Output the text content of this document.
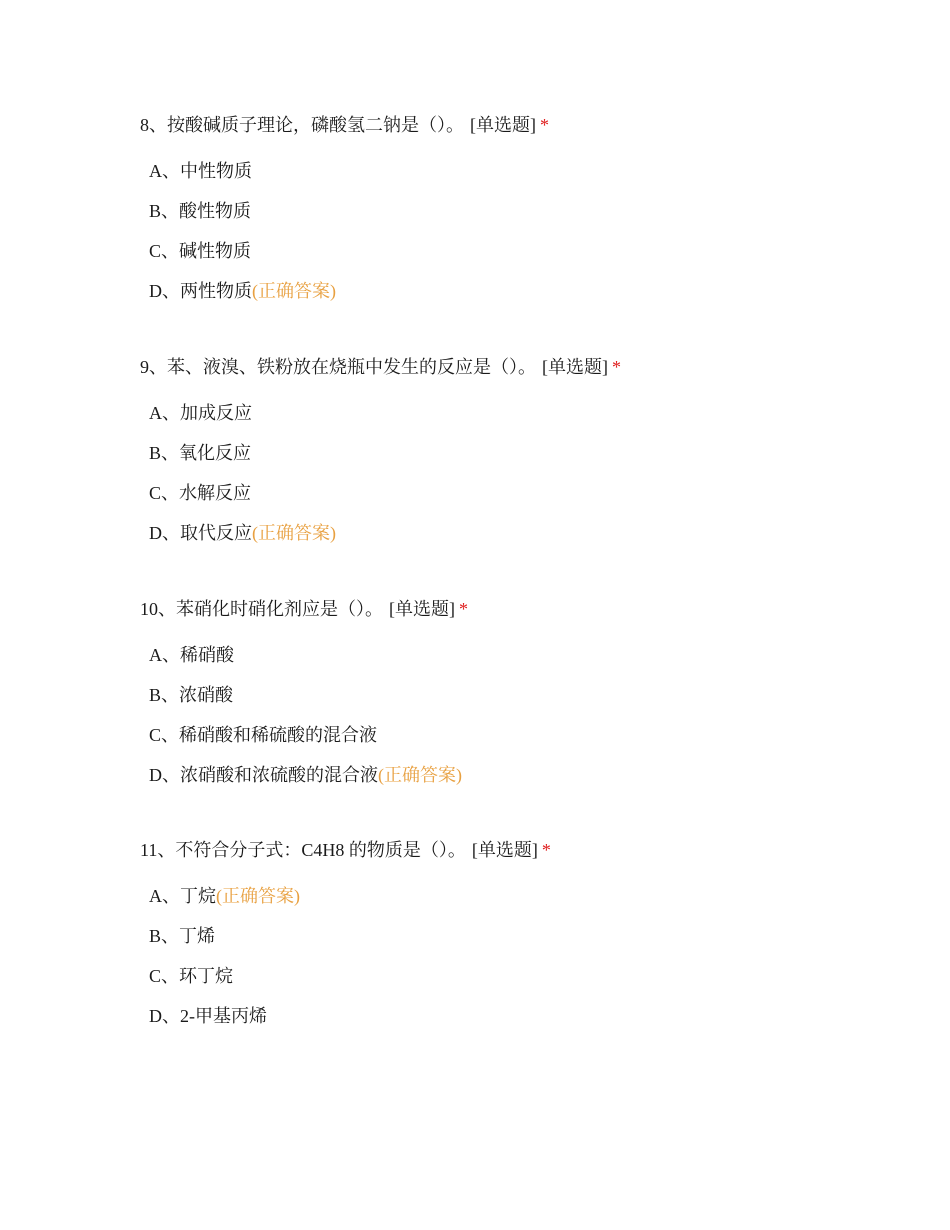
8、按酸碱质子理论，磷酸氢二钠是（）。 [单选题] *
A、中性物质
B、酸性物质
C、碱性物质
D、两性物质(正确答案)
9、苯、液溴、铁粉放在烧瓶中发生的反应是（）。 [单选题] *
A、加成反应
B、氧化反应
C、水解反应
D、取代反应(正确答案)
10、苯硝化时硝化剂应是（）。 [单选题] *
A、稀硝酸
B、浓硝酸
C、稀硝酸和稀硫酸的混合液
D、浓硝酸和浓硫酸的混合液(正确答案)
11、不符合分子式：C4H8 的物质是（）。 [单选题] *
A、丁烷(正确答案)
B、丁烯
C、环丁烷
D、2-甲基丙烯
